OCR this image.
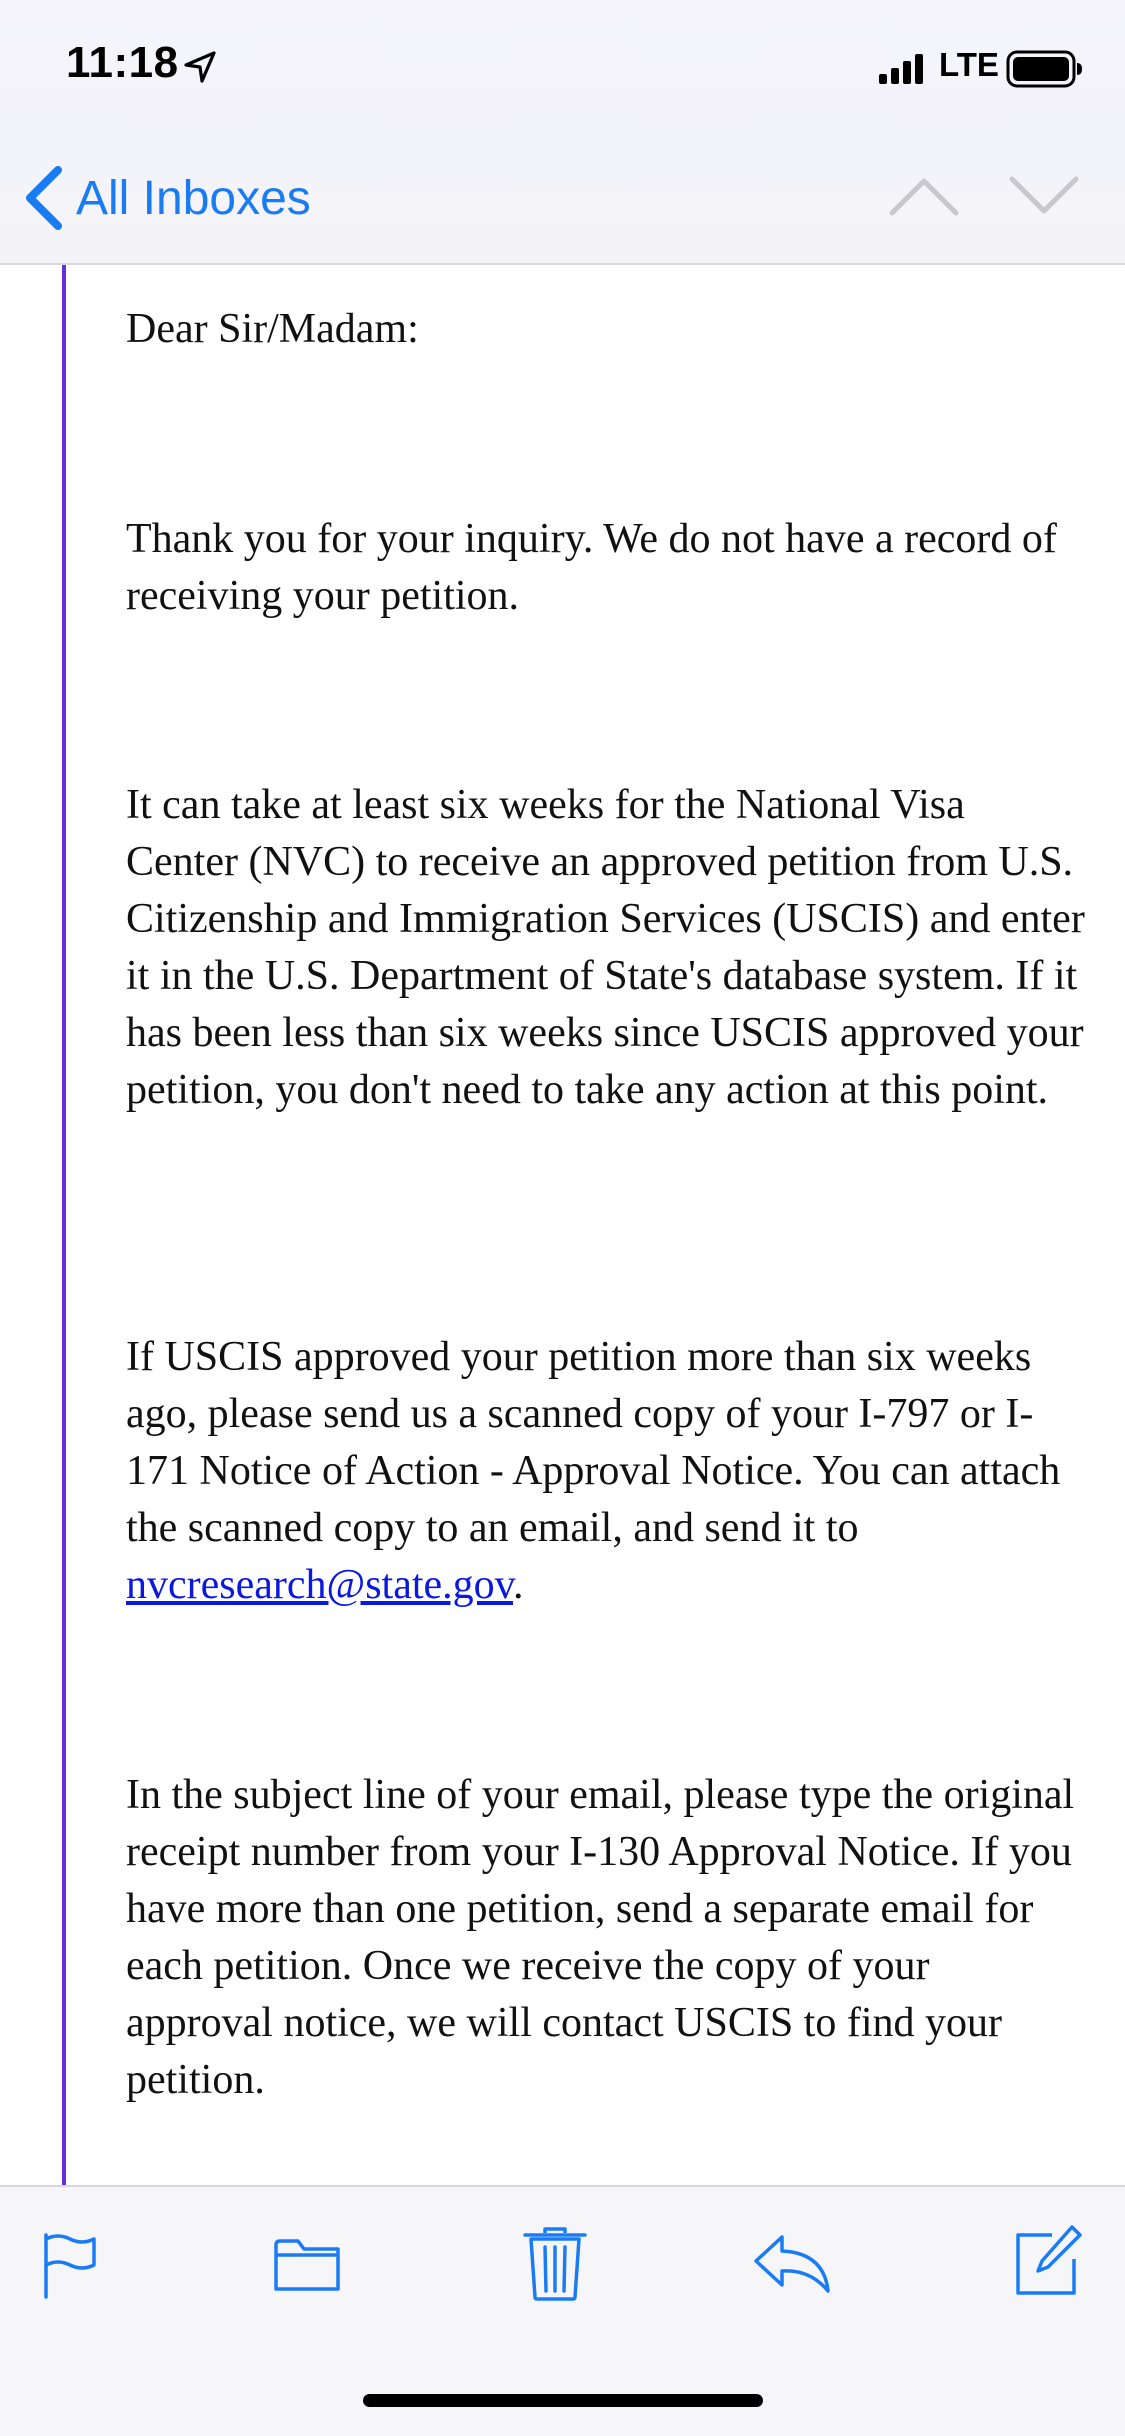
11:18	LTE
All Inboxes

Dear Sir/Madam:

Thank you for your inquiry. We do not have a record of receiving your petition.

It can take at least six weeks for the National Visa Center (NVC) to receive an approved petition from U.S. Citizenship and Immigration Services (USCIS) and enter it in the U.S. Department of State's database system. If it has been less than six weeks since USCIS approved your petition, you don't need to take any action at this point.

If USCIS approved your petition more than six weeks ago, please send us a scanned copy of your I-797 or I-171 Notice of Action - Approval Notice. You can attach the scanned copy to an email, and send it to nvcresearch@state.gov.

In the subject line of your email, please type the original receipt number from your I-130 Approval Notice. If you have more than one petition, send a separate email for each petition. Once we receive the copy of your approval notice, we will contact USCIS to find your petition.
